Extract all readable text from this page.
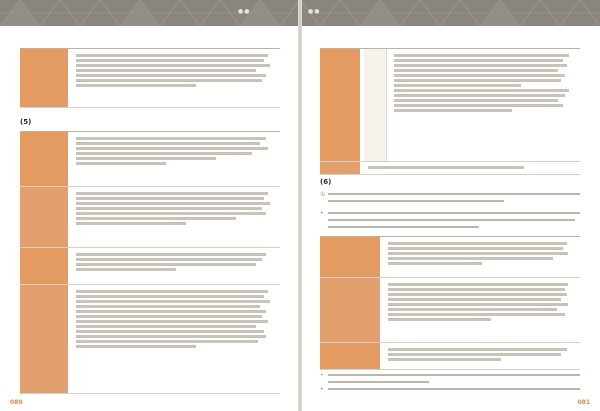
●●
(5)
080
●●
(6)
①
•
•
•
081
